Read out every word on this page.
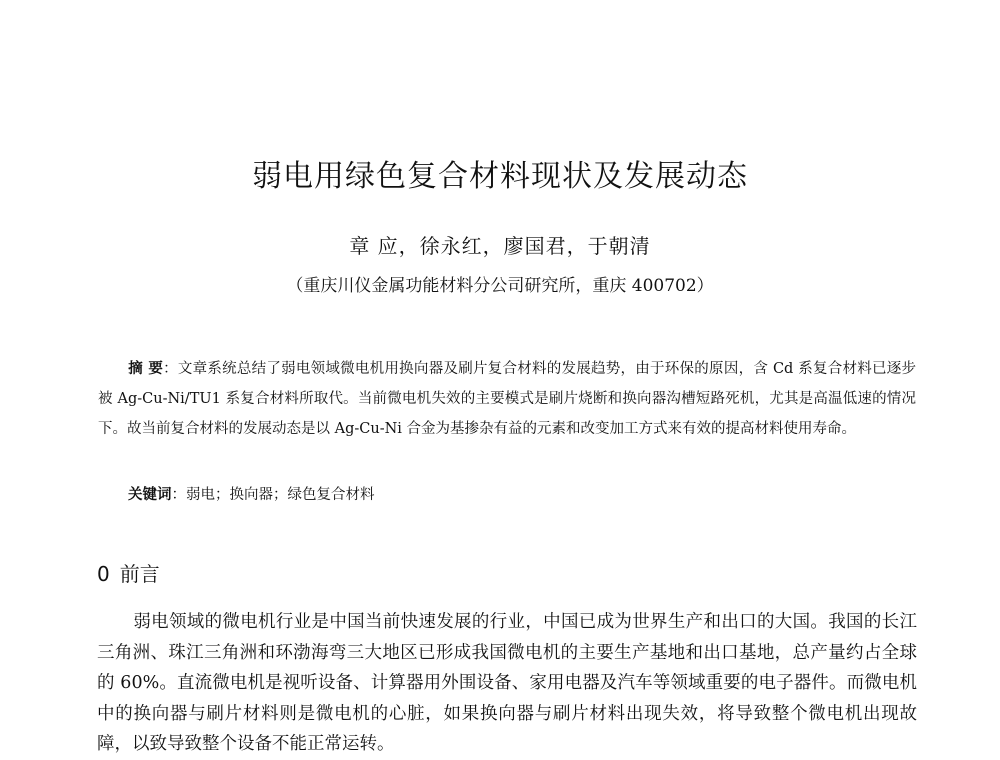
弱电用绿色复合材料现状及发展动态
章 应，徐永红，廖国君，于朝清
（重庆川仪金属功能材料分公司研究所，重庆 400702）
摘 要：文章系统总结了弱电领域微电机用换向器及刷片复合材料的发展趋势，由于环保的原因，含 Cd 系复合材料已逐步被 Ag-Cu-Ni/TU1 系复合材料所取代。当前微电机失效的主要模式是刷片烧断和换向器沟槽短路死机，尤其是高温低速的情况下。故当前复合材料的发展动态是以 Ag-Cu-Ni 合金为基掺杂有益的元素和改变加工方式来有效的提高材料使用寿命。
关键词：弱电；换向器；绿色复合材料
0 前言

弱电领域的微电机行业是中国当前快速发展的行业，中国已成为世界生产和出口的大国。我国的长江三角洲、珠江三角洲和环渤海弯三大地区已形成我国微电机的主要生产基地和出口基地，总产量约占全球的 60%。直流微电机是视听设备、计算器用外围设备、家用电器及汽车等领域重要的电子器件。而微电机中的换向器与刷片材料则是微电机的心脏，如果换向器与刷片材料出现失效，将导致整个微电机出现故障，以致导致整个设备不能正常运转。
